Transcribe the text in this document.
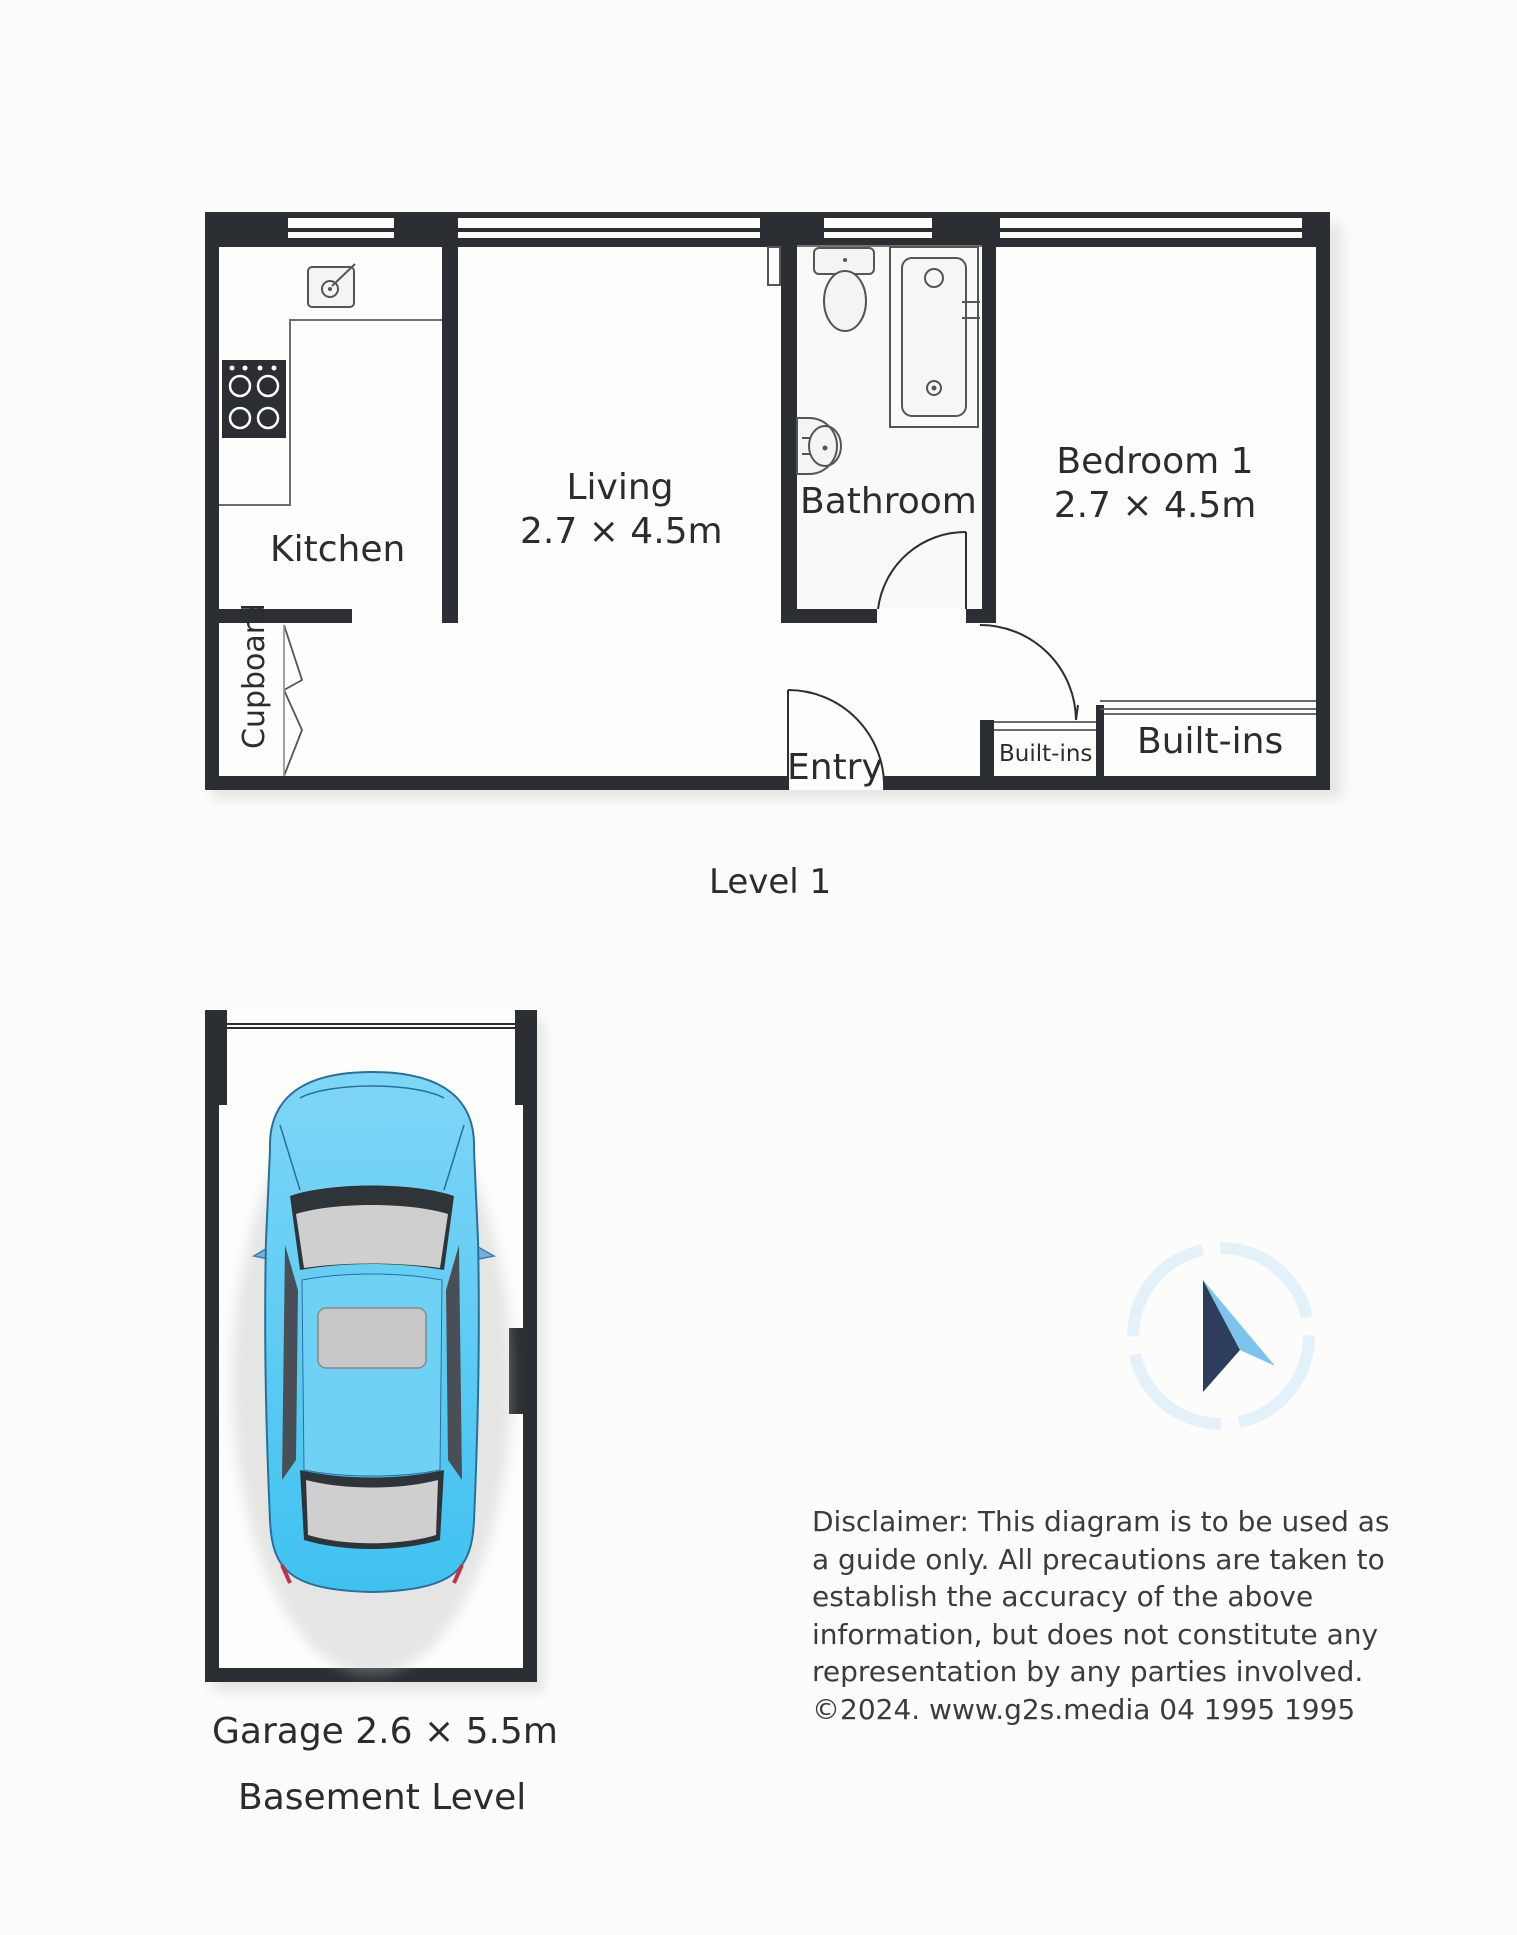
Kitchen
Living
2.7 × 4.5m
Bathroom
Bedroom 1
2.7 × 4.5m
Cupboard
Entry	Built-ins Built-ins
Level 1
Garage 2.6 × 5.5m
Basement Level
Disclaimer: This diagram is to be used as
a guide only. All precautions are taken to
establish the accuracy of the above
information, but does not constitute any
representation by any parties involved.
©2024. www.g2s.media 04 1995 1995
